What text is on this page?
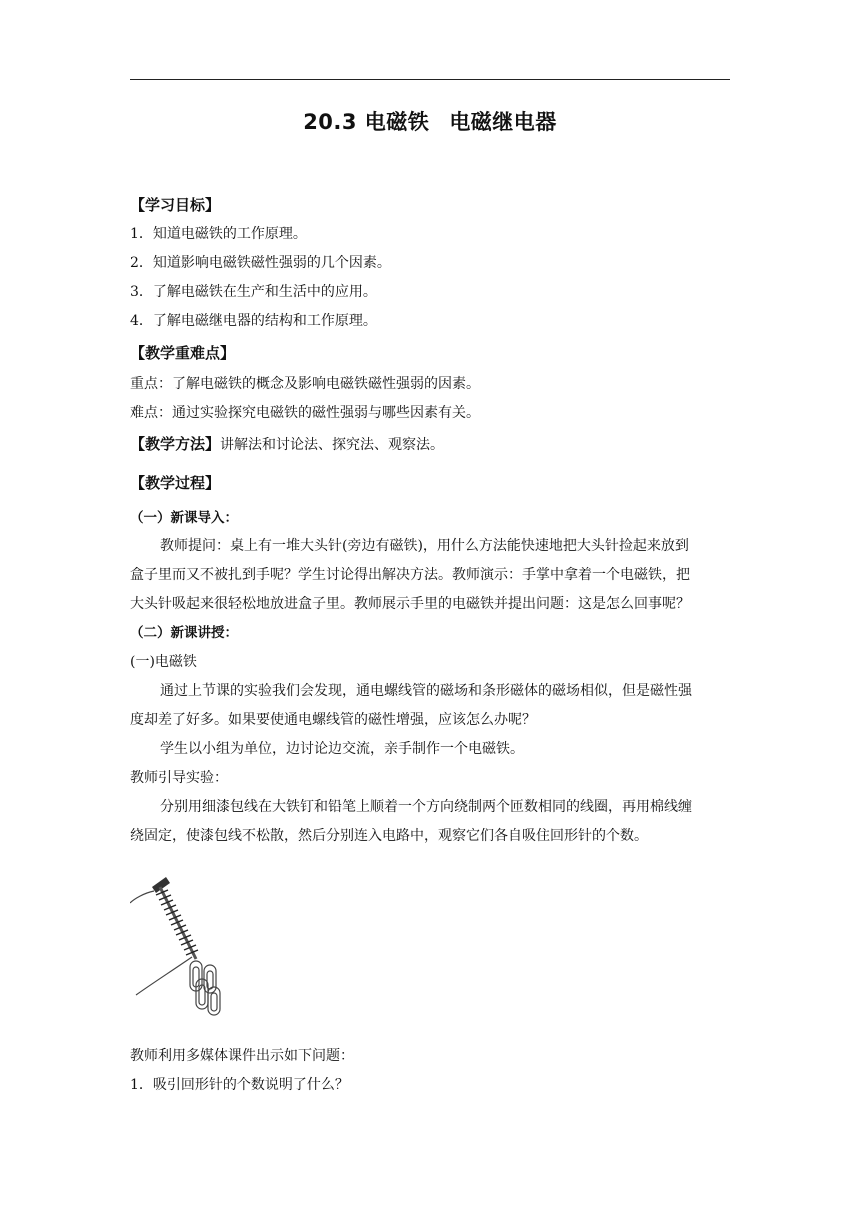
20.3 电磁铁 电磁继电器
【学习目标】
1．知道电磁铁的工作原理。
2．知道影响电磁铁磁性强弱的几个因素。
3．了解电磁铁在生产和生活中的应用。
4．了解电磁继电器的结构和工作原理。
【教学重难点】
重点：了解电磁铁的概念及影响电磁铁磁性强弱的因素。
难点：通过实验探究电磁铁的磁性强弱与哪些因素有关。
【教学方法】讲解法和讨论法、探究法、观察法。
【教学过程】
（一）新课导入：
教师提问：桌上有一堆大头针(旁边有磁铁)，用什么方法能快速地把大头针捡起来放到
盒子里而又不被扎到手呢？学生讨论得出解决方法。教师演示：手掌中拿着一个电磁铁，把
大头针吸起来很轻松地放进盒子里。教师展示手里的电磁铁并提出问题：这是怎么回事呢？
（二）新课讲授：
(一)电磁铁
通过上节课的实验我们会发现，通电螺线管的磁场和条形磁体的磁场相似，但是磁性强
度却差了好多。如果要使通电螺线管的磁性增强，应该怎么办呢？
学生以小组为单位，边讨论边交流，亲手制作一个电磁铁。
教师引导实验：
分别用细漆包线在大铁钉和铅笔上顺着一个方向绕制两个匝数相同的线圈，再用棉线缠
绕固定，使漆包线不松散，然后分别连入电路中，观察它们各自吸住回形针的个数。
教师利用多媒体课件出示如下问题：
1．吸引回形针的个数说明了什么？
